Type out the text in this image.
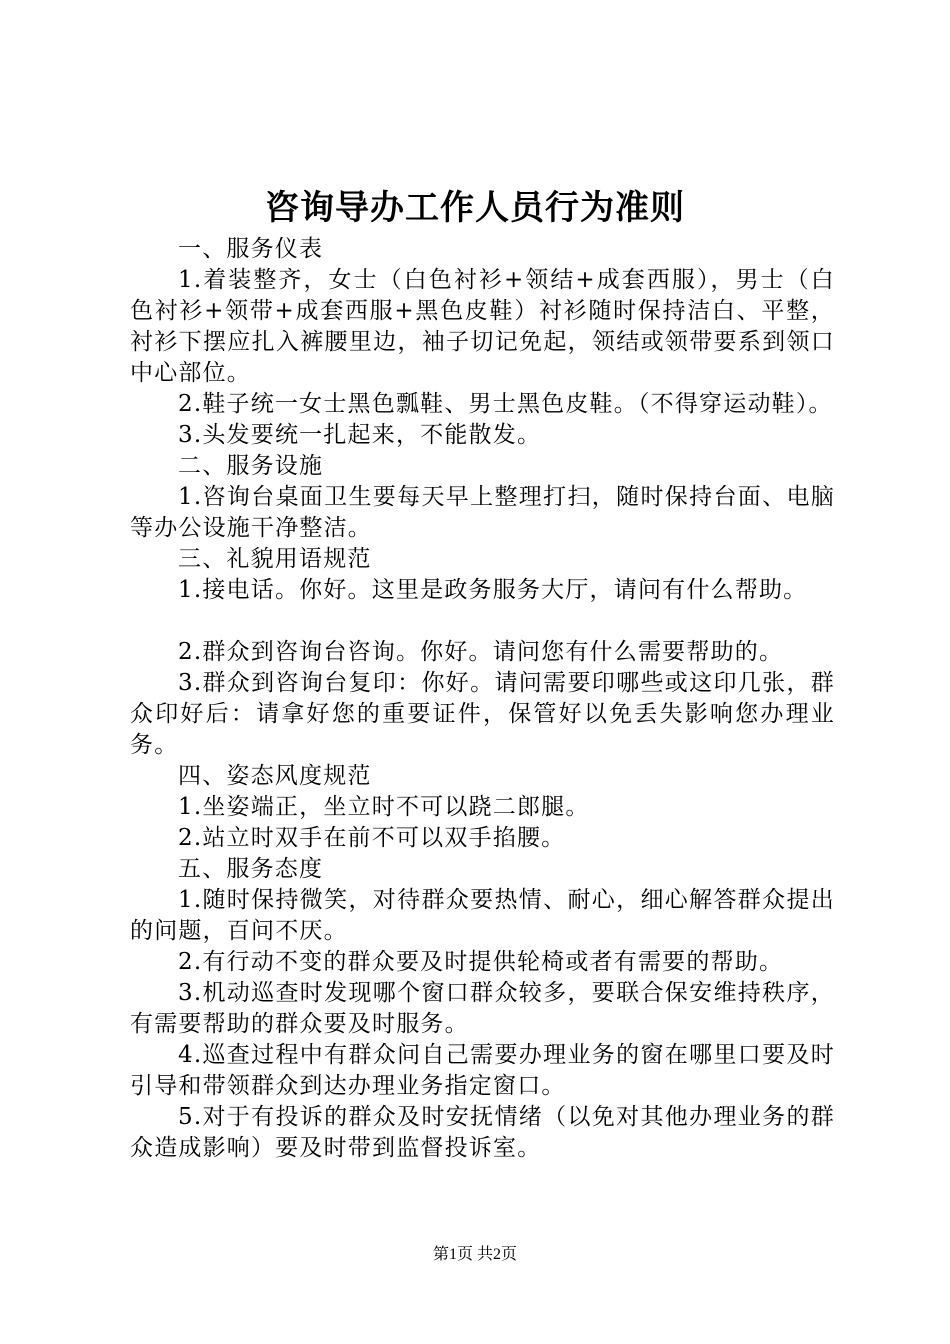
咨询导办工作人员行为准则

一、服务仪表

1.着装整齐，女士（白色衬衫+领结+成套西服），男士（白色衬衫+领带+成套西服+黑色皮鞋）衬衫随时保持洁白、平整，衬衫下摆应扎入裤腰里边，袖子切记免起，领结或领带要系到领口中心部位。

2.鞋子统一女士黑色瓢鞋、男士黑色皮鞋。（不得穿运动鞋）。

3.头发要统一扎起来，不能散发。

二、服务设施

1.咨询台桌面卫生要每天早上整理打扫，随时保持台面、电脑等办公设施干净整洁。

三、礼貌用语规范

1.接电话。你好。这里是政务服务大厅，请问有什么帮助。

2.群众到咨询台咨询。你好。请问您有什么需要帮助的。

3.群众到咨询台复印：你好。请问需要印哪些或这印几张，群众印好后：请拿好您的重要证件，保管好以免丢失影响您办理业务。

四、姿态风度规范

1.坐姿端正，坐立时不可以跷二郎腿。

2.站立时双手在前不可以双手掐腰。

五、服务态度

1.随时保持微笑，对待群众要热情、耐心，细心解答群众提出的问题，百问不厌。

2.有行动不变的群众要及时提供轮椅或者有需要的帮助。

3.机动巡查时发现哪个窗口群众较多，要联合保安维持秩序，有需要帮助的群众要及时服务。

4.巡查过程中有群众问自己需要办理业务的窗在哪里口要及时引导和带领群众到达办理业务指定窗口。

5.对于有投诉的群众及时安抚情绪（以免对其他办理业务的群众造成影响）要及时带到监督投诉室。

第1页 共2页
